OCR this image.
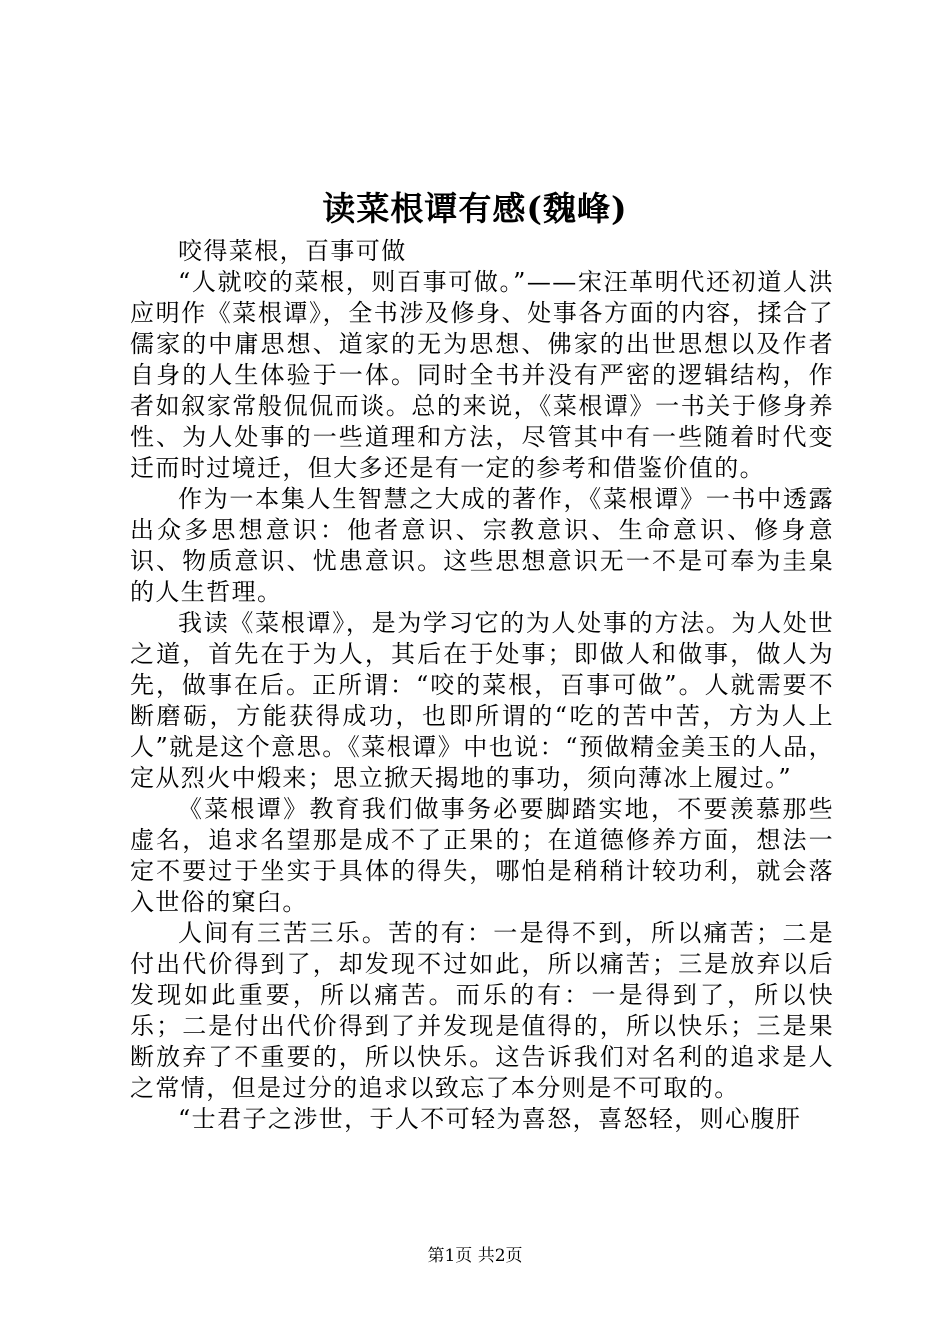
读菜根谭有感(魏峰)

咬得菜根，百事可做

“人就咬的菜根，则百事可做。”——宋汪革明代还初道人洪应明作《菜根谭》，全书涉及修身、处事各方面的内容，揉合了儒家的中庸思想、道家的无为思想、佛家的出世思想以及作者自身的人生体验于一体。同时全书并没有严密的逻辑结构，作者如叙家常般侃侃而谈。总的来说，《菜根谭》一书关于修身养性、为人处事的一些道理和方法，尽管其中有一些随着时代变迁而时过境迁，但大多还是有一定的参考和借鉴价值的。

作为一本集人生智慧之大成的著作，《菜根谭》一书中透露出众多思想意识：他者意识、宗教意识、生命意识、修身意识、物质意识、忧患意识。这些思想意识无一不是可奉为圭臬的人生哲理。

我读《菜根谭》，是为学习它的为人处事的方法。为人处世之道，首先在于为人，其后在于处事；即做人和做事，做人为先，做事在后。正所谓：“咬的菜根，百事可做”。人就需要不断磨砺，方能获得成功，也即所谓的“吃的苦中苦，方为人上人”就是这个意思。《菜根谭》中也说：“预做精金美玉的人品，定从烈火中煅来；思立掀天揭地的事功，须向薄冰上履过。”

《菜根谭》教育我们做事务必要脚踏实地，不要羡慕那些虚名，追求名望那是成不了正果的；在道德修养方面，想法一定不要过于坐实于具体的得失，哪怕是稍稍计较功利，就会落入世俗的窠臼。

人间有三苦三乐。苦的有：一是得不到，所以痛苦；二是付出代价得到了，却发现不过如此，所以痛苦；三是放弃以后发现如此重要，所以痛苦。而乐的有：一是得到了，所以快乐；二是付出代价得到了并发现是值得的，所以快乐；三是果断放弃了不重要的，所以快乐。这告诉我们对名利的追求是人之常情，但是过分的追求以致忘了本分则是不可取的。

“士君子之涉世，于人不可轻为喜怒，喜怒轻，则心腹肝

第1页 共2页
